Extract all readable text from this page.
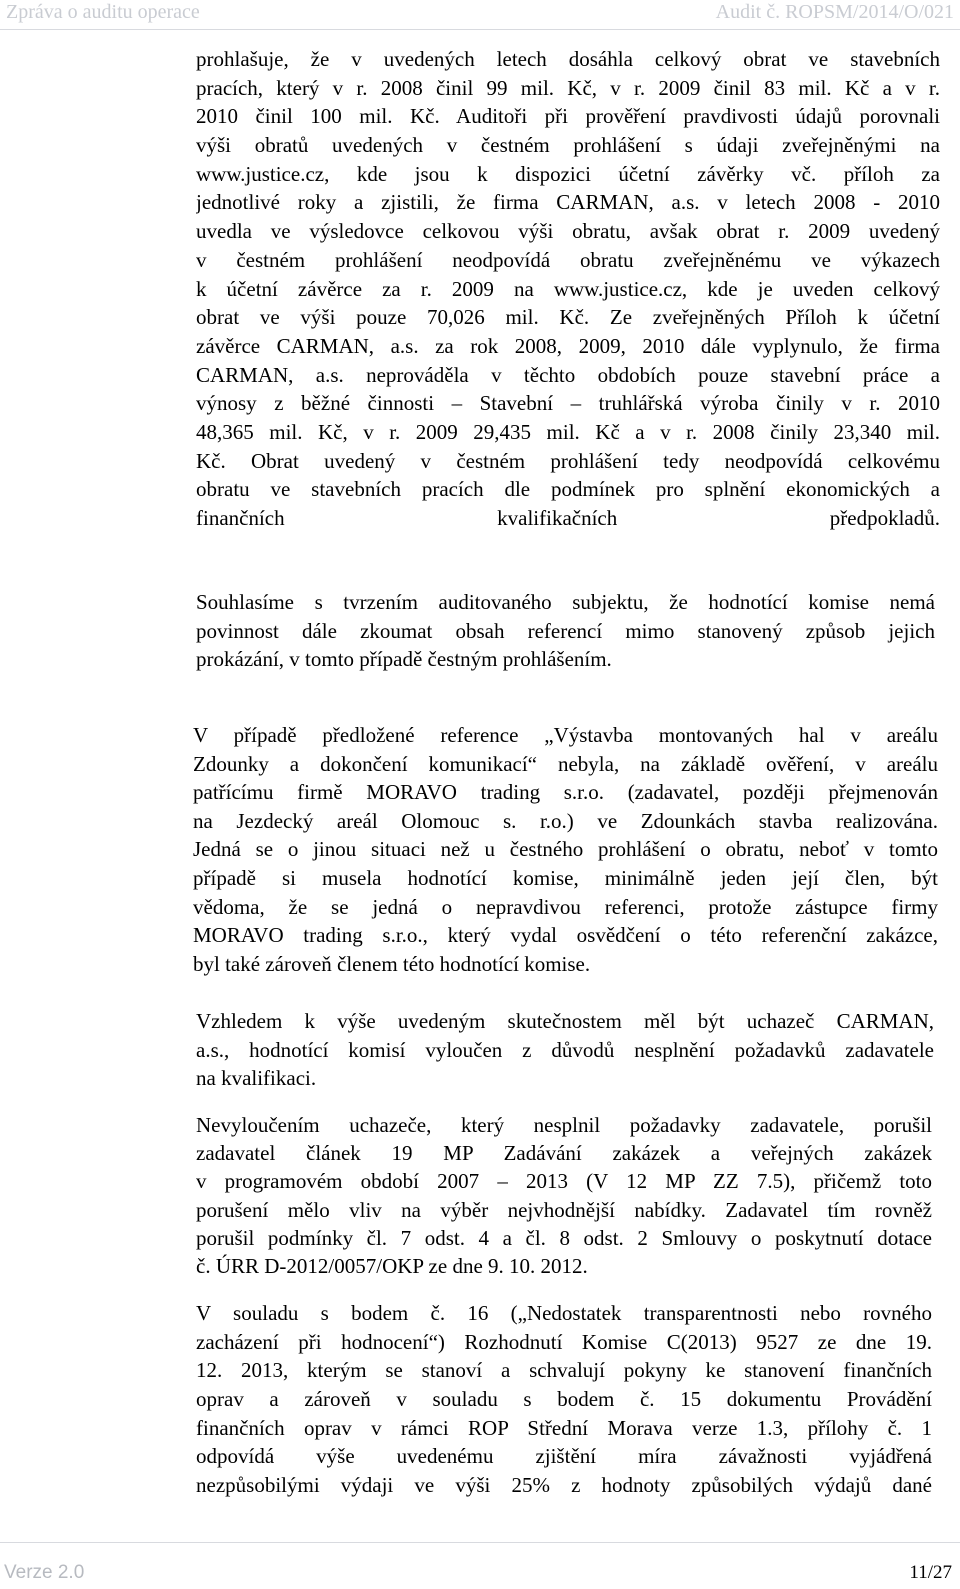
Zpráva o auditu operace	Audit č. ROPSM/2014/O/021
prohlašuje, že v uvedených letech dosáhla celkový obrat ve stavebních
pracích, který v r. 2008 činil 99 mil. Kč, v r. 2009 činil 83 mil. Kč a v r.
2010 činil 100 mil. Kč. Auditoři při prověření pravdivosti údajů porovnali
výši obratů uvedených v čestném prohlášení s údaji zveřejněnými na
www.justice.cz, kde jsou k dispozici účetní závěrky vč. příloh za
jednotlivé roky a zjistili, že firma CARMAN, a.s. v letech 2008 - 2010
uvedla ve výsledovce celkovou výši obratu, avšak obrat r. 2009 uvedený
v čestném prohlášení neodpovídá obratu zveřejněnému ve výkazech
k účetní závěrce za r. 2009 na www.justice.cz, kde je uveden celkový
obrat ve výši pouze 70,026 mil. Kč. Ze zveřejněných Příloh k účetní
závěrce CARMAN, a.s. za rok 2008, 2009, 2010 dále vyplynulo, že firma
CARMAN, a.s. neprováděla v těchto obdobích pouze stavební práce a
výnosy z běžné činnosti – Stavební – truhlářská výroba činily v r. 2010
48,365 mil. Kč, v r. 2009 29,435 mil. Kč a v r. 2008 činily 23,340 mil.
Kč. Obrat uvedený v čestném prohlášení tedy neodpovídá celkovému
obratu ve stavebních pracích dle podmínek pro splnění ekonomických a
finančních kvalifikačních předpokladů.
Souhlasíme s tvrzením auditovaného subjektu, že hodnotící komise nemá
povinnost dále zkoumat obsah referencí mimo stanovený způsob jejich
prokázání, v tomto případě čestným prohlášením.
V případě předložené reference „Výstavba montovaných hal v areálu
Zdounky a dokončení komunikací“ nebyla, na základě ověření, v areálu
patřícímu firmě MORAVO trading s.r.o. (zadavatel, později přejmenován
na Jezdecký areál Olomouc s. r.o.) ve Zdounkách stavba realizována.
Jedná se o jinou situaci než u čestného prohlášení o obratu, neboť v tomto
případě si musela hodnotící komise, minimálně jeden její člen, být
vědoma, že se jedná o nepravdivou referenci, protože zástupce firmy
MORAVO trading s.r.o., který vydal osvědčení o této referenční zakázce,
byl také zároveň členem této hodnotící komise.
Vzhledem k výše uvedeným skutečnostem měl být uchazeč CARMAN,
a.s., hodnotící komisí vyloučen z důvodů nesplnění požadavků zadavatele
na kvalifikaci.
Nevyloučením uchazeče, který nesplnil požadavky zadavatele, porušil
zadavatel článek 19 MP Zadávání zakázek a veřejných zakázek
v programovém období 2007 – 2013 (V 12 MP ZZ 7.5), přičemž toto
porušení mělo vliv na výběr nejvhodnější nabídky. Zadavatel tím rovněž
porušil podmínky čl. 7 odst. 4 a čl. 8 odst. 2 Smlouvy o poskytnutí dotace
č. ÚRR D-2012/0057/OKP ze dne 9. 10. 2012.
V souladu s bodem č. 16 („Nedostatek transparentnosti nebo rovného
zacházení při hodnocení“) Rozhodnutí Komise C(2013) 9527 ze dne 19.
12. 2013, kterým se stanoví a schvalují pokyny ke stanovení finančních
oprav a zároveň v souladu s bodem č. 15 dokumentu Provádění
finančních oprav v rámci ROP Střední Morava verze 1.3, přílohy č. 1
odpovídá výše uvedenému zjištění míra závažnosti vyjádřená
nezpůsobilými výdaji ve výši 25% z hodnoty způsobilých výdajů dané
Verze 2.0	11/27
